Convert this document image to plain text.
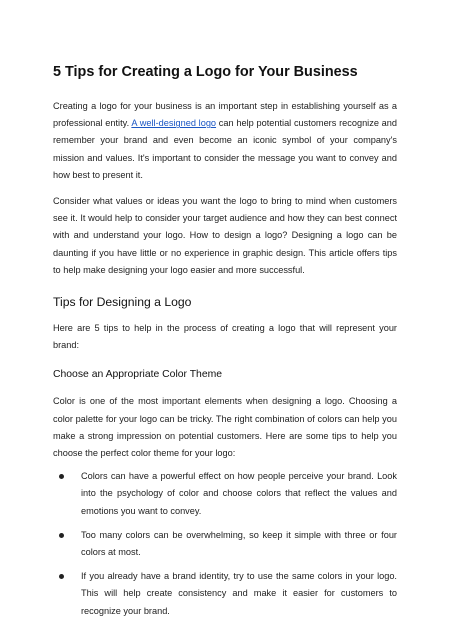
5 Tips for Creating a Logo for Your Business

Creating a logo for your business is an important step in establishing yourself as a professional entity. A well-designed logo can help potential customers recognize and remember your brand and even become an iconic symbol of your company's mission and values. It's important to consider the message you want to convey and how best to present it.

Consider what values or ideas you want the logo to bring to mind when customers see it. It would help to consider your target audience and how they can best connect with and understand your logo. How to design a logo? Designing a logo can be daunting if you have little or no experience in graphic design. This article offers tips to help make designing your logo easier and more successful.

Tips for Designing a Logo

Here are 5 tips to help in the process of creating a logo that will represent your brand:

Choose an Appropriate Color Theme

Color is one of the most important elements when designing a logo. Choosing a color palette for your logo can be tricky. The right combination of colors can help you make a strong impression on potential customers. Here are some tips to help you choose the perfect color theme for your logo:

Colors can have a powerful effect on how people perceive your brand. Look into the psychology of color and choose colors that reflect the values and emotions you want to convey.

Too many colors can be overwhelming, so keep it simple with three or four colors at most.

If you already have a brand identity, try to use the same colors in your logo. This will help create consistency and make it easier for customers to recognize your brand.
